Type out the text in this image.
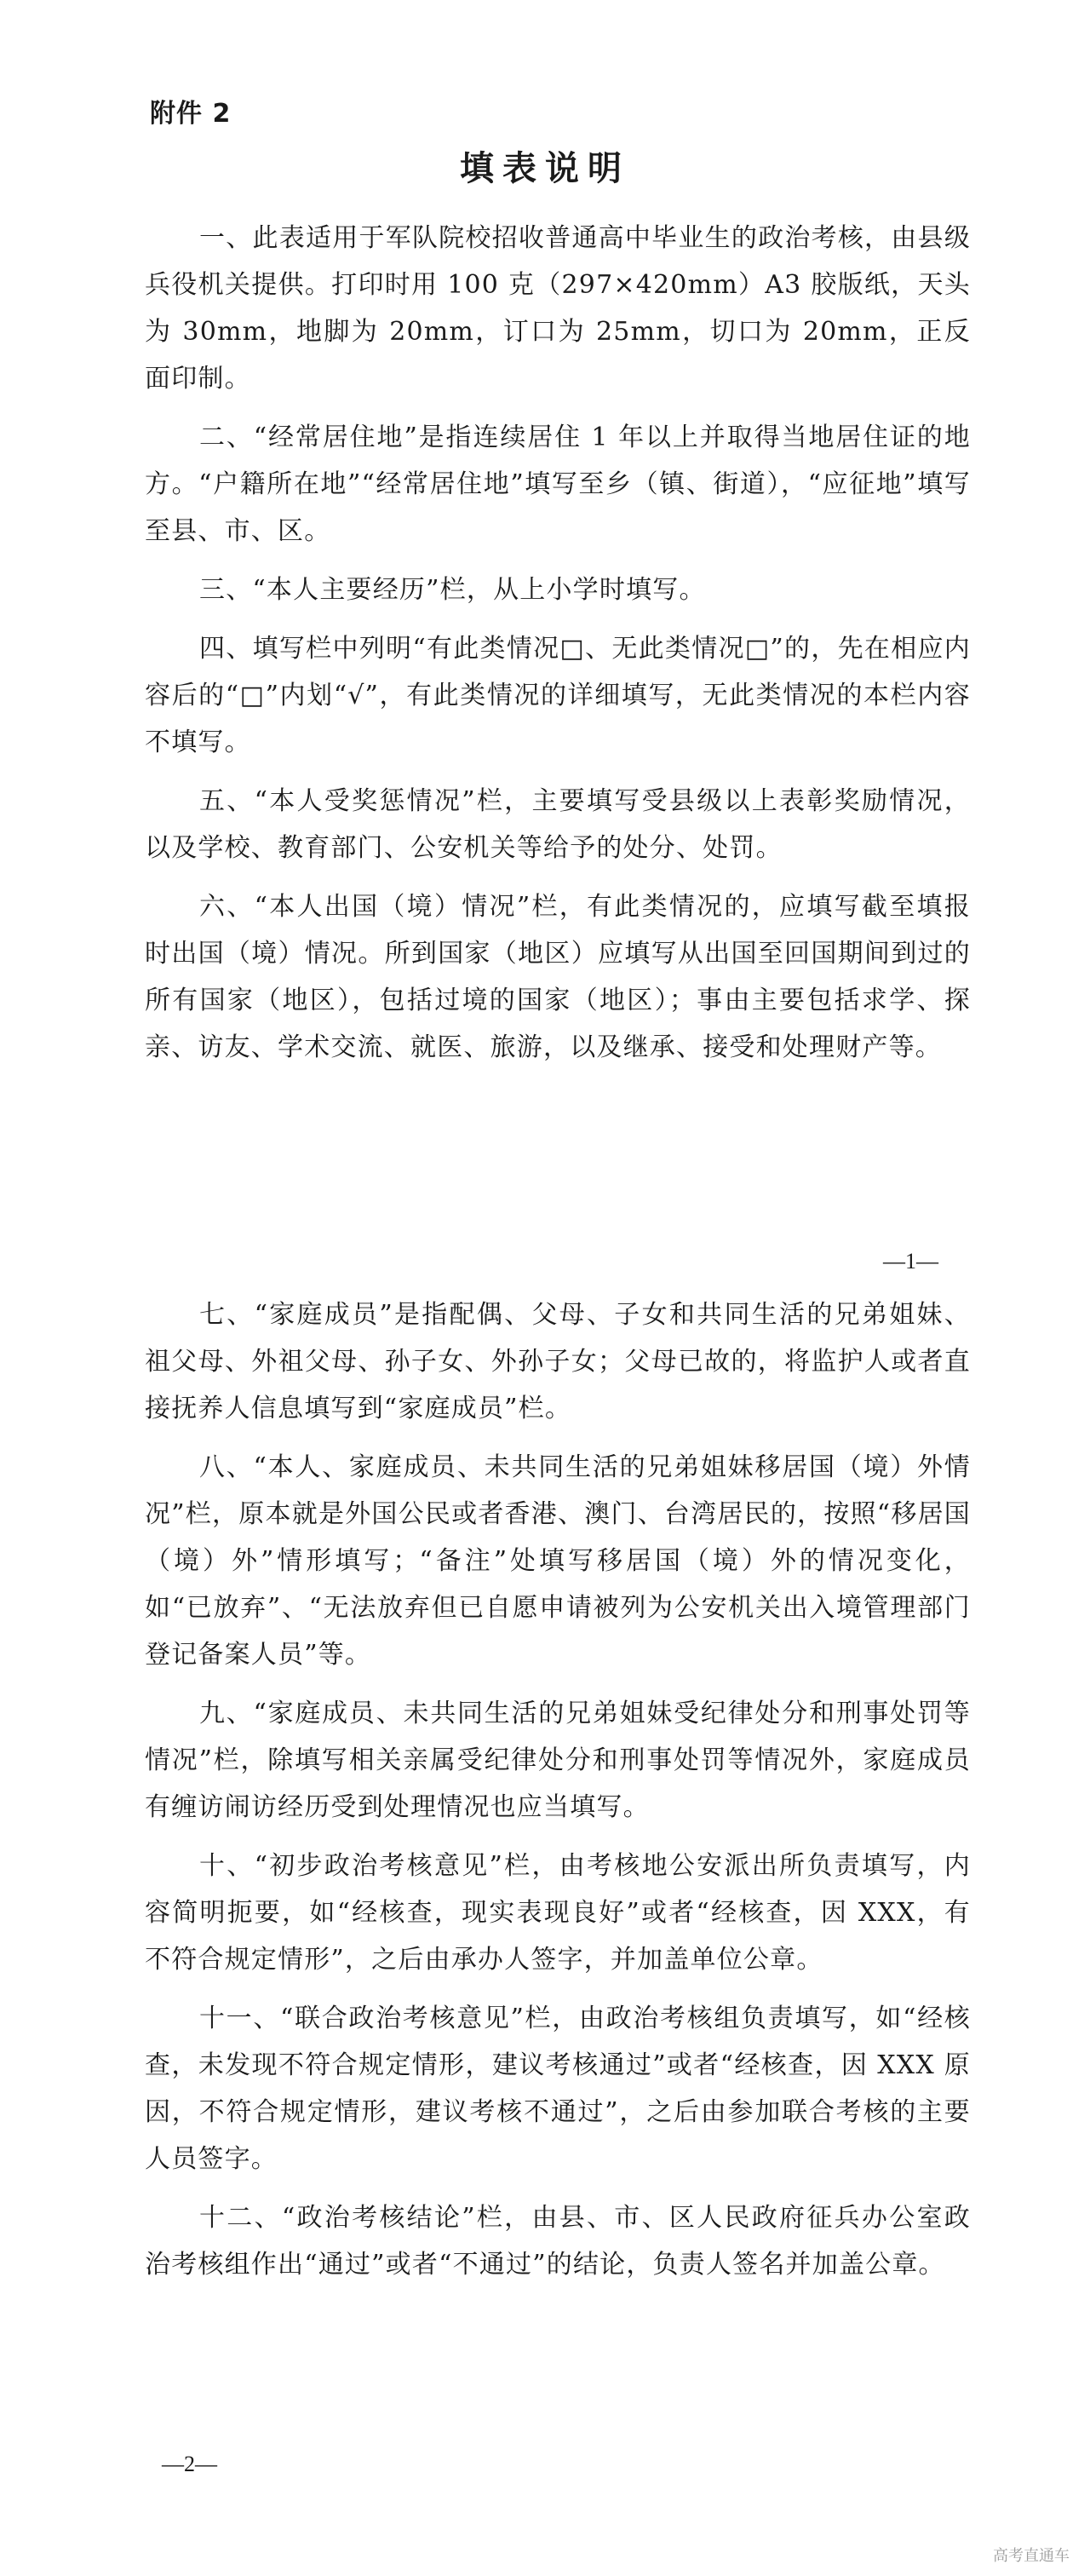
附件 2
填表说明

一、此表适用于军队院校招收普通高中毕业生的政治考核，由县级兵役机关提供。打印时用 100 克（297×420mm）A3 胶版纸，天头为 30mm，地脚为 20mm，订口为 25mm，切口为 20mm，正反面印制。

二、“经常居住地”是指连续居住 1 年以上并取得当地居住证的地方。“户籍所在地”“经常居住地”填写至乡（镇、街道），“应征地”填写至县、市、区。

三、“本人主要经历”栏，从上小学时填写。

四、填写栏中列明“有此类情况□、无此类情况□”的，先在相应内容后的“□”内划“√”，有此类情况的详细填写，无此类情况的本栏内容不填写。

五、“本人受奖惩情况”栏，主要填写受县级以上表彰奖励情况，以及学校、教育部门、公安机关等给予的处分、处罚。

六、“本人出国（境）情况”栏，有此类情况的，应填写截至填报时出国（境）情况。所到国家（地区）应填写从出国至回国期间到过的所有国家（地区），包括过境的国家（地区）；事由主要包括求学、探亲、访友、学术交流、就医、旅游，以及继承、接受和处理财产等。

—1—

七、“家庭成员”是指配偶、父母、子女和共同生活的兄弟姐妹、祖父母、外祖父母、孙子女、外孙子女；父母已故的，将监护人或者直接抚养人信息填写到“家庭成员”栏。

八、“本人、家庭成员、未共同生活的兄弟姐妹移居国（境）外情况”栏，原本就是外国公民或者香港、澳门、台湾居民的，按照“移居国（境）外”情形填写；“备注”处填写移居国（境）外的情况变化，如“已放弃”、“无法放弃但已自愿申请被列为公安机关出入境管理部门登记备案人员”等。

九、“家庭成员、未共同生活的兄弟姐妹受纪律处分和刑事处罚等情况”栏，除填写相关亲属受纪律处分和刑事处罚等情况外，家庭成员有缠访闹访经历受到处理情况也应当填写。

十、“初步政治考核意见”栏，由考核地公安派出所负责填写，内容简明扼要，如“经核查，现实表现良好”或者“经核查，因 XXX，有不符合规定情形”，之后由承办人签字，并加盖单位公章。

十一、“联合政治考核意见”栏，由政治考核组负责填写，如“经核查，未发现不符合规定情形，建议考核通过”或者“经核查，因 XXX 原因，不符合规定情形，建议考核不通过”，之后由参加联合考核的主要人员签字。

十二、“政治考核结论”栏，由县、市、区人民政府征兵办公室政治考核组作出“通过”或者“不通过”的结论，负责人签名并加盖公章。

—2—
高考直通车
